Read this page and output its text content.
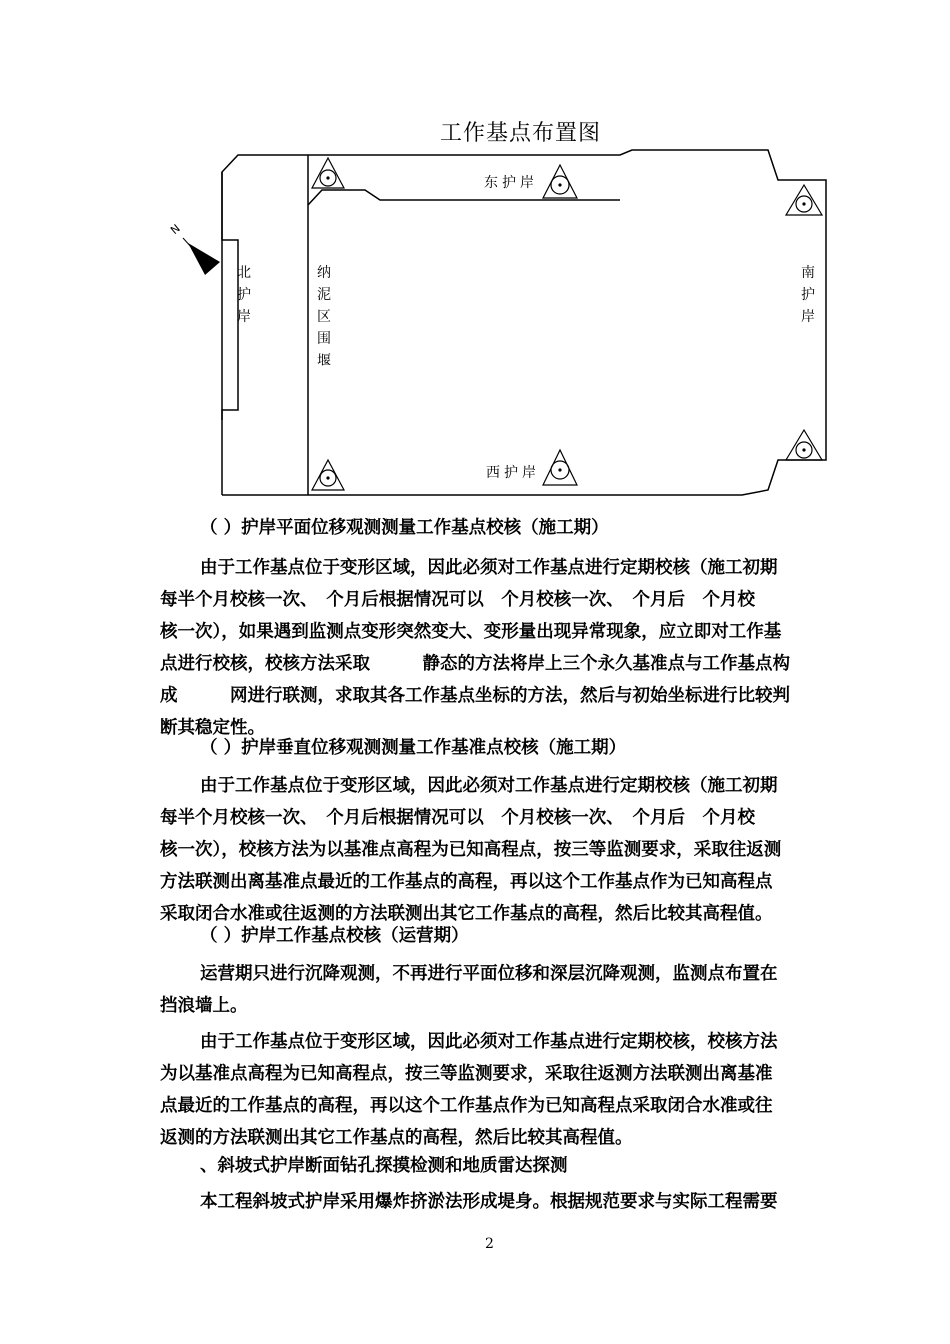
工作基点布置图
N
东护岸
西护岸
北
护
岸
南
护
岸
纳
泥
区
围
堰
（ ）护岸平面位移观测测量工作基点校核（施工期）
由于工作基点位于变形区域，因此必须对工作基点进行定期校核（施工初期
每半个月校核一次、　个月后根据情况可以　个月校核一次、　个月后　个月校
核一次），如果遇到监测点变形突然变大、变形量出现异常现象，应立即对工作基
点进行校核，校核方法采取　　　静态的方法将岸上三个永久基准点与工作基点构
成　　　网进行联测，求取其各工作基点坐标的方法，然后与初始坐标进行比较判
断其稳定性。
（ ）护岸垂直位移观测测量工作基准点校核（施工期）
由于工作基点位于变形区域，因此必须对工作基点进行定期校核（施工初期
每半个月校核一次、　个月后根据情况可以　个月校核一次、　个月后　个月校
核一次），校核方法为以基准点高程为已知高程点，按三等监测要求，采取往返测
方法联测出离基准点最近的工作基点的高程，再以这个工作基点作为已知高程点
采取闭合水准或往返测的方法联测出其它工作基点的高程，然后比较其高程值。
（ ）护岸工作基点校核（运营期）
运营期只进行沉降观测，不再进行平面位移和深层沉降观测，监测点布置在
挡浪墙上。
由于工作基点位于变形区域，因此必须对工作基点进行定期校核，校核方法
为以基准点高程为已知高程点，按三等监测要求，采取往返测方法联测出离基准
点最近的工作基点的高程，再以这个工作基点作为已知高程点采取闭合水准或往
返测的方法联测出其它工作基点的高程，然后比较其高程值。
、斜坡式护岸断面钻孔探摸检测和地质雷达探测
本工程斜坡式护岸采用爆炸挤淤法形成堤身。根据规范要求与实际工程需要
2
